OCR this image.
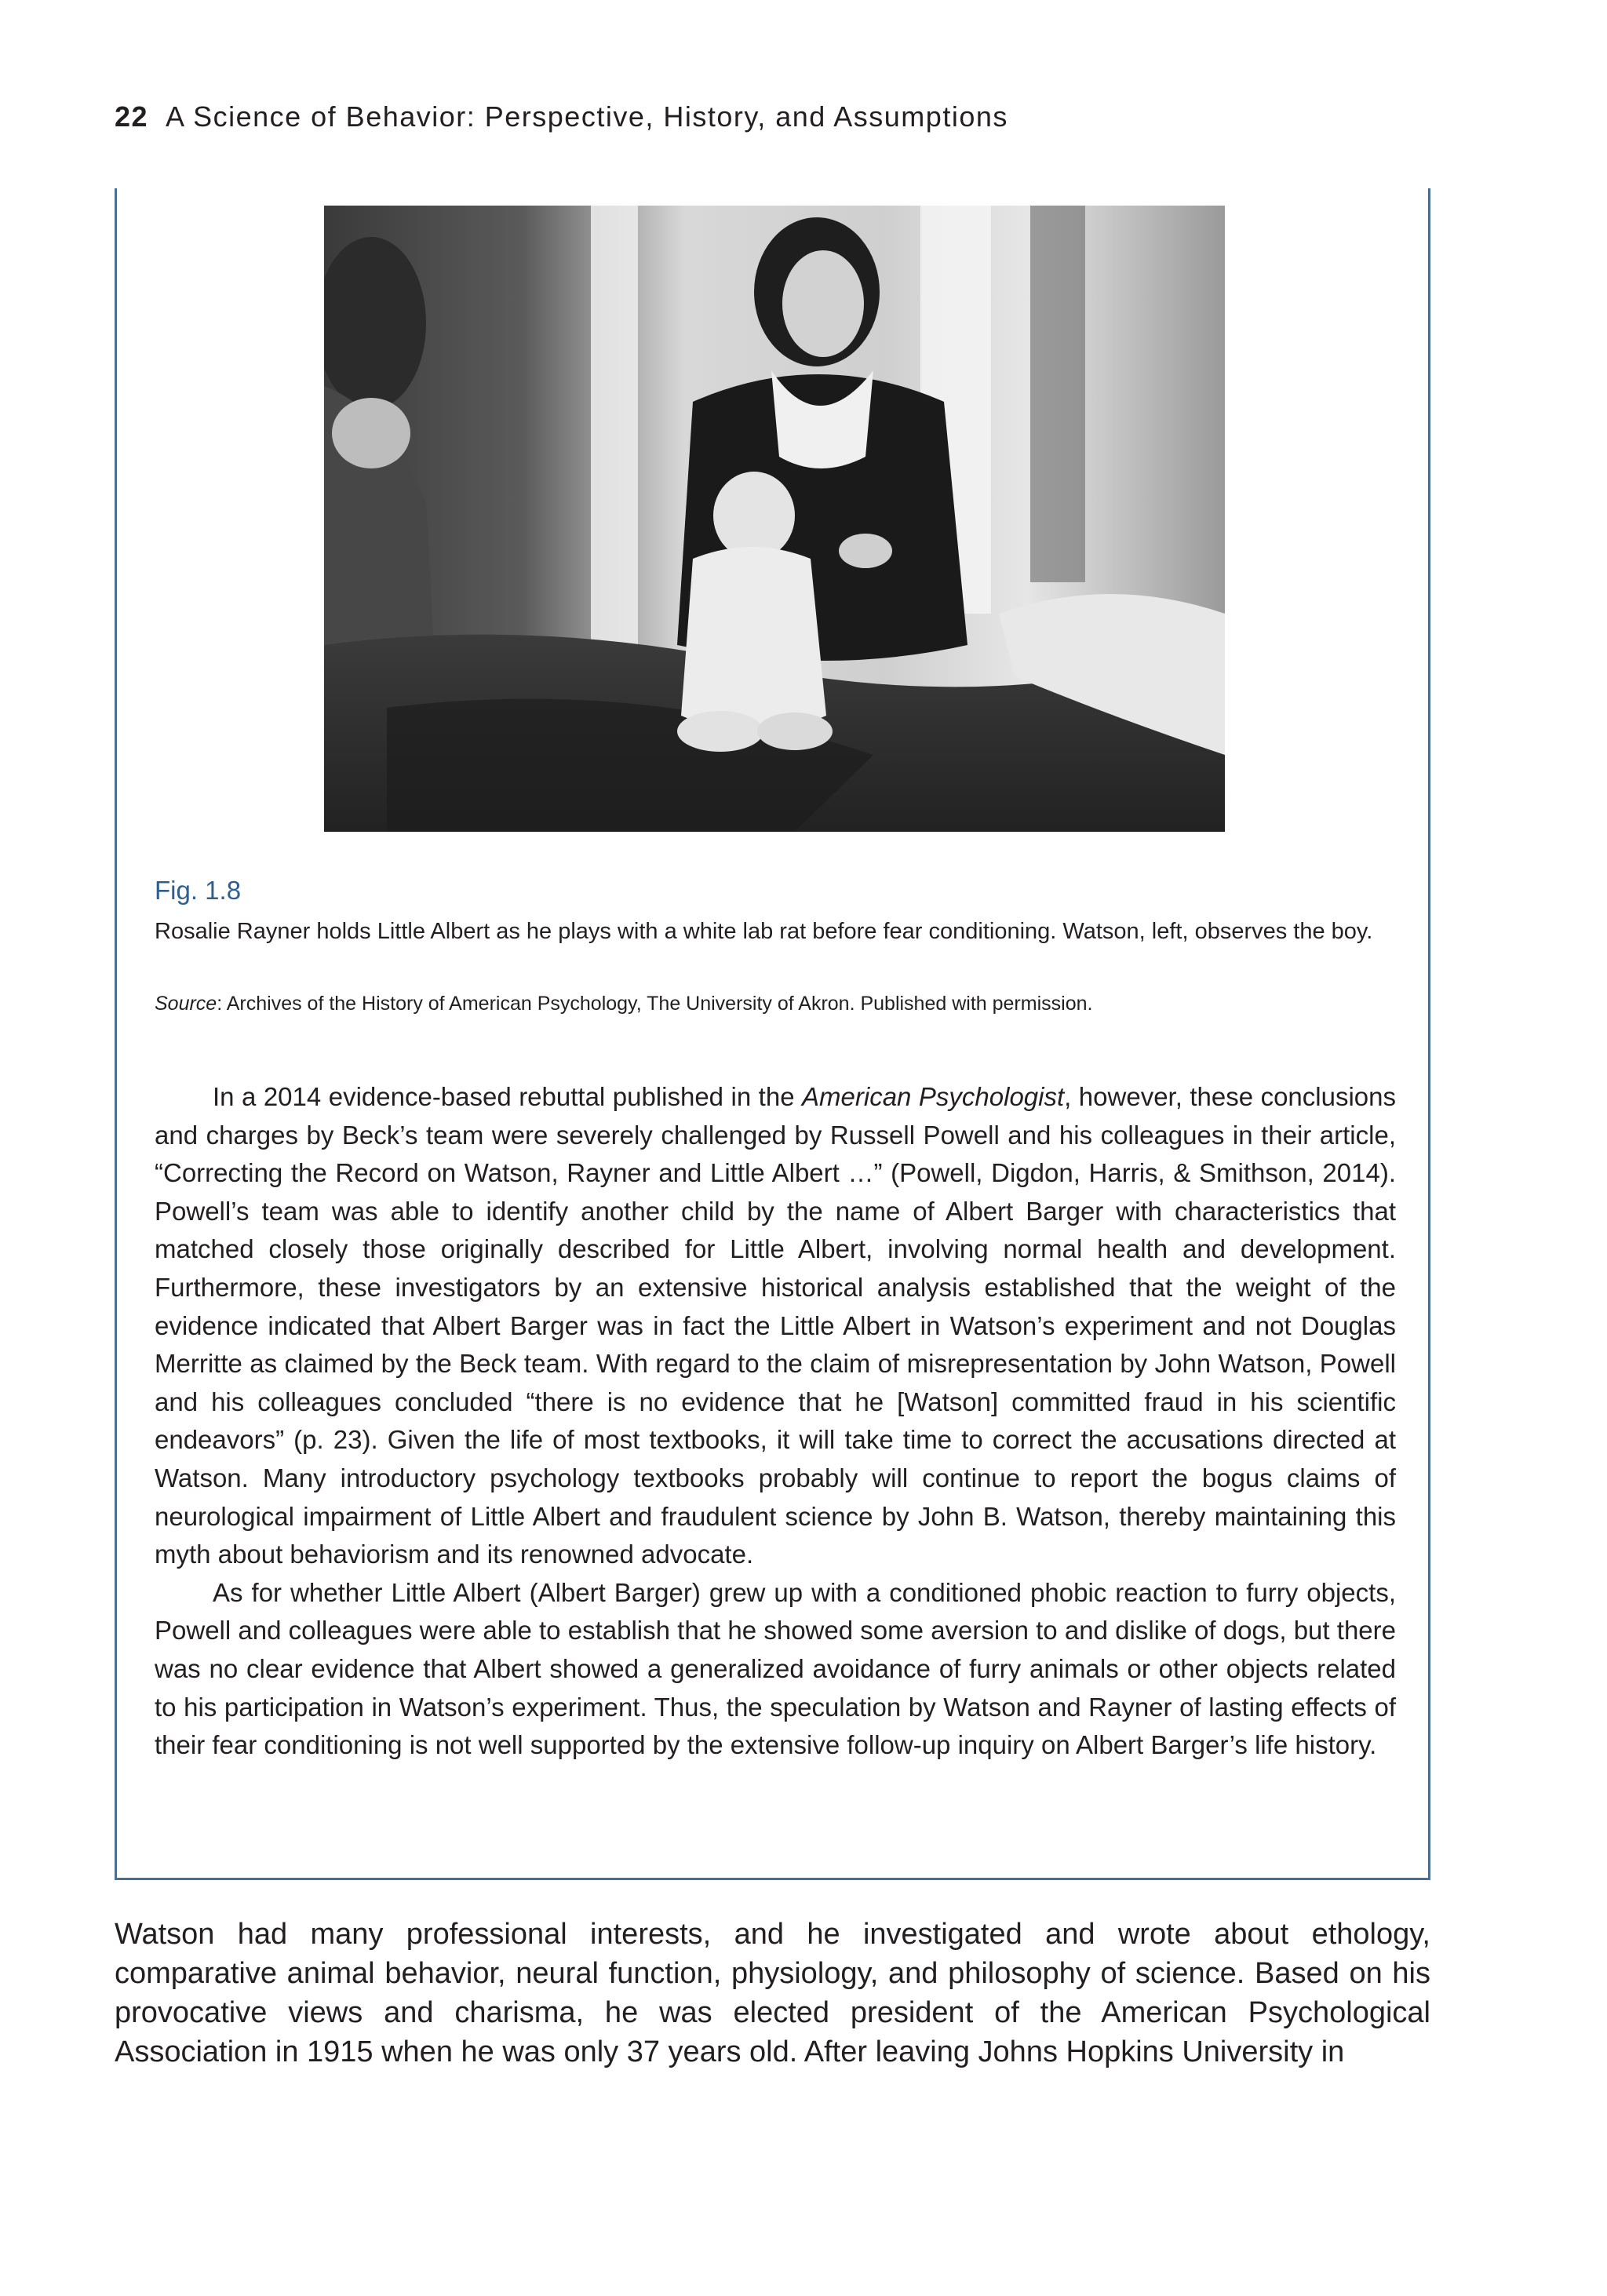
22 A Science of Behavior: Perspective, History, and Assumptions
Fig. 1.8
Rosalie Rayner holds Little Albert as he plays with a white lab rat before fear conditioning. Watson, left, observes the boy.
Source: Archives of the History of American Psychology, The University of Akron. Published with permission.

In a 2014 evidence-based rebuttal published in the American Psychologist, however, these conclusions and charges by Beck’s team were severely challenged by Russell Powell and his colleagues in their article, “Correcting the Record on Watson, Rayner and Little Albert …” (Powell, Digdon, Harris, & Smithson, 2014). Powell’s team was able to identify another child by the name of Albert Barger with characteristics that matched closely those originally described for Little Albert, involving normal health and development. Furthermore, these investigators by an extensive historical analysis established that the weight of the evidence indicated that Albert Barger was in fact the Little Albert in Watson’s experiment and not Douglas Merritte as claimed by the Beck team. With regard to the claim of misrepresentation by John Watson, Powell and his colleagues concluded “there is no evidence that he [Watson] committed fraud in his scientific endeavors” (p. 23). Given the life of most textbooks, it will take time to correct the accusations directed at Watson. Many introductory psychology textbooks probably will continue to report the bogus claims of neurological impairment of Little Albert and fraudulent science by John B. Watson, thereby maintaining this myth about behaviorism and its renowned advocate.

As for whether Little Albert (Albert Barger) grew up with a conditioned phobic reaction to furry objects, Powell and colleagues were able to establish that he showed some aversion to and dislike of dogs, but there was no clear evidence that Albert showed a generalized avoidance of furry animals or other objects related to his participation in Watson’s experiment. Thus, the speculation by Watson and Rayner of lasting effects of their fear conditioning is not well supported by the extensive follow-up inquiry on Albert Barger’s life history.

Watson had many professional interests, and he investigated and wrote about ethology, comparative animal behavior, neural function, physiology, and philosophy of science. Based on his provocative views and charisma, he was elected president of the American Psychological Association in 1915 when he was only 37 years old. After leaving Johns Hopkins University in
